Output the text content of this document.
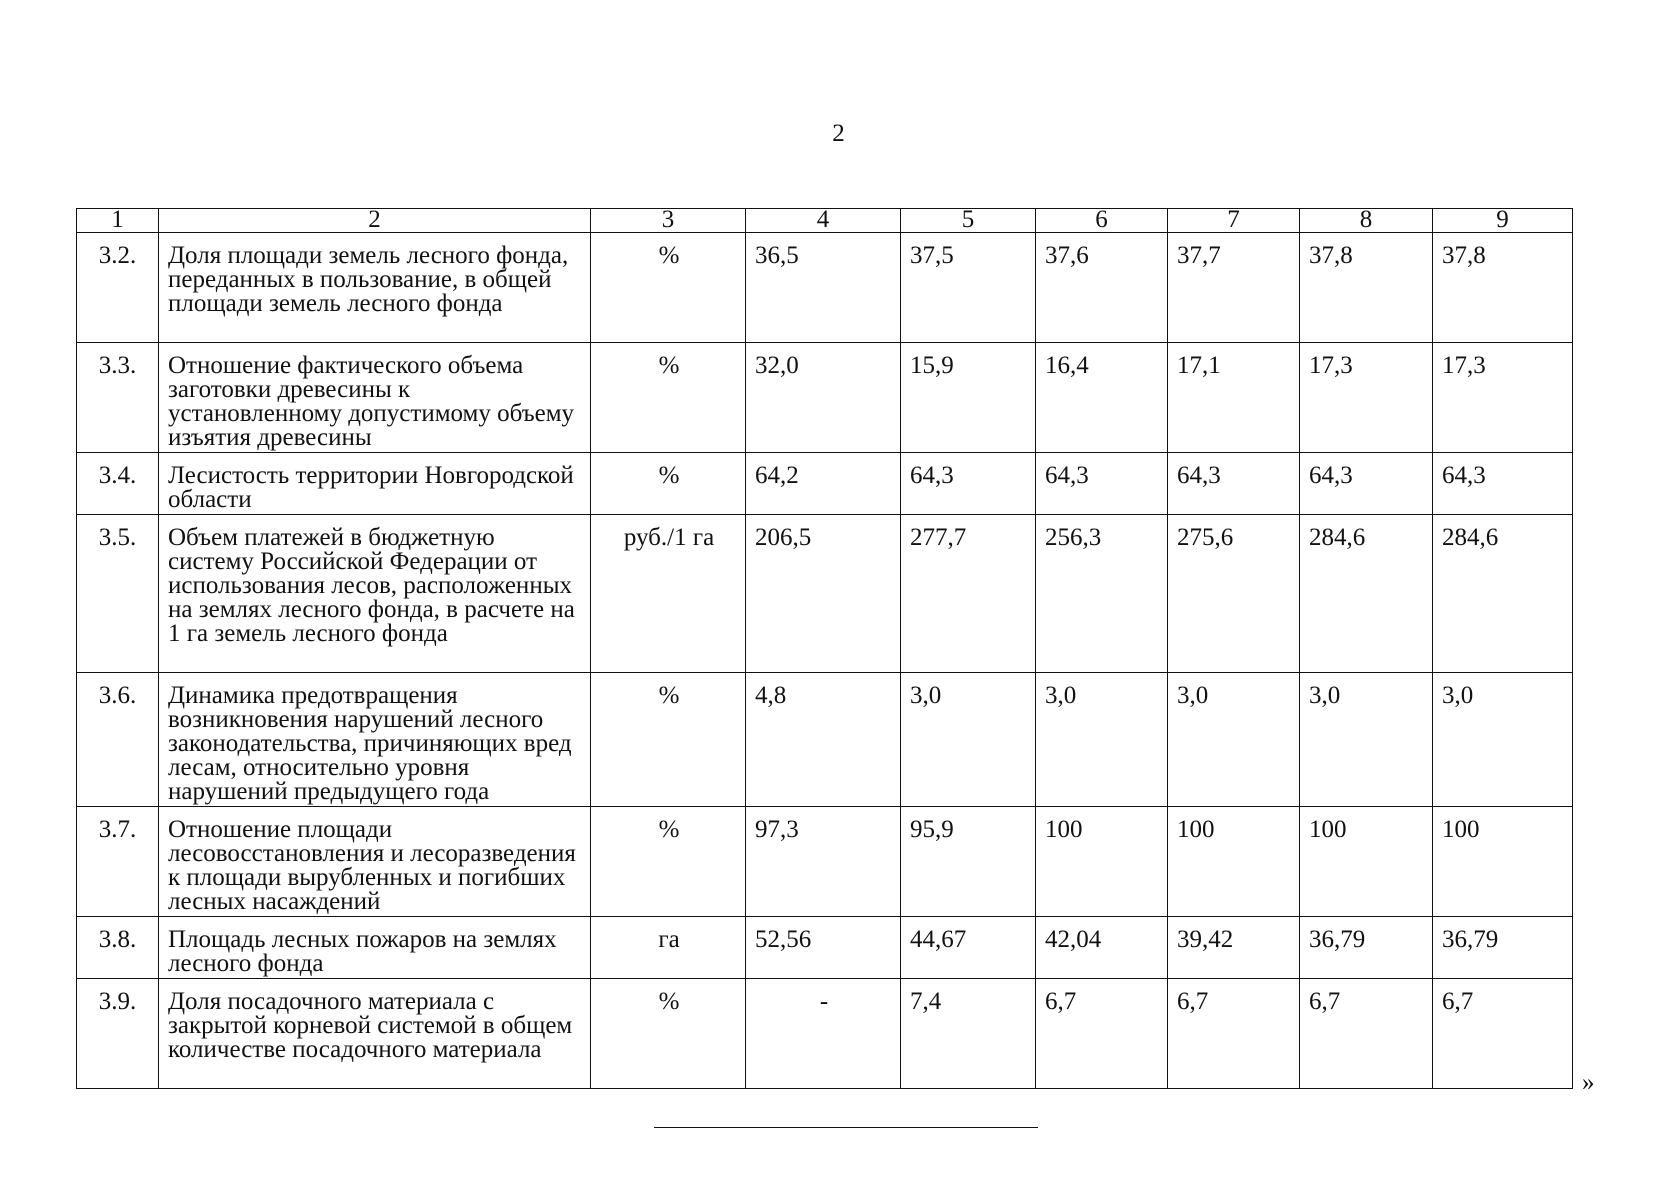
2
1	2	3	4	5	6	7	8	9
3.2.	Доля площади земель лесного фонда, переданных в пользование, в общей площади земель лесного фонда	%	36,5	37,5	37,6	37,7	37,8	37,8
3.3.	Отношение фактического объема заготовки древесины к установленному допустимому объему изъятия древесины	%	32,0	15,9	16,4	17,1	17,3	17,3
3.4.	Лесистость территории Новгородской области	%	64,2	64,3	64,3	64,3	64,3	64,3
3.5.	Объем платежей в бюджетную систему Российской Федерации от использования лесов, расположенных на землях лесного фонда, в расчете на 1 га земель лесного фонда	руб./1 га	206,5	277,7	256,3	275,6	284,6	284,6
3.6.	Динамика предотвращения возникновения нарушений лесного законодательства, причиняющих вред лесам, относительно уровня нарушений предыдущего года	%	4,8	3,0	3,0	3,0	3,0	3,0
3.7.	Отношение площади лесовосстановления и лесоразведения к площади вырубленных и погибших лесных насаждений	%	97,3	95,9	100	100	100	100
3.8.	Площадь лесных пожаров на землях лесного фонда	га	52,56	44,67	42,04	39,42	36,79	36,79
3.9.	Доля посадочного материала с закрытой корневой системой в общем количестве посадочного материала	%	-	7,4	6,7	6,7	6,7	6,7
»
